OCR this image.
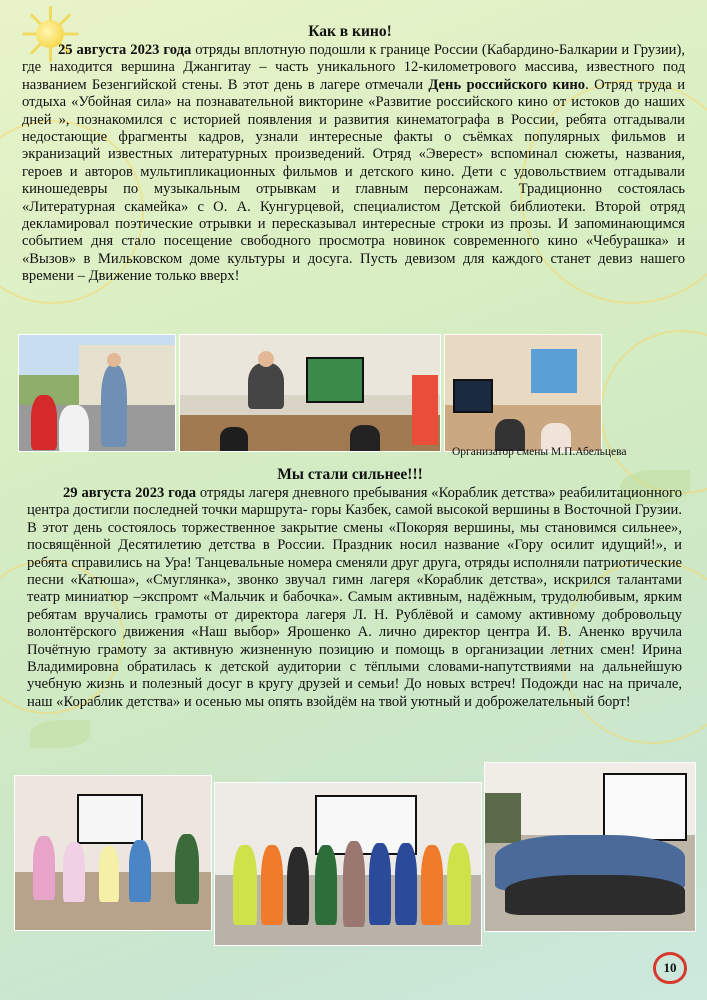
Как в кино!

25 августа 2023 года отряды вплотную подошли к границе России (Кабардино-Балкарии и Грузии), где находится вершина Джангитау – часть уникального 12-километрового массива, известного под названием Безенгийской стены. В этот день в лагере отмечали День российского кино. Отряд труда и отдыха «Убойная сила» на познавательной викторине «Развитие российского кино от истоков до наших дней », познакомился с историей появления и развития кинематографа в России, ребята отгадывали недостающие фрагменты кадров, узнали интересные факты о съёмках популярных фильмов и экранизаций известных литературных произведений. Отряд «Эверест» вспоминал сюжеты, названия, героев и авторов мультипликационных фильмов и детского кино. Дети с удовольствием отгадывали киношедевры по музыкальным отрывкам и главным персонажам. Традиционно состоялась «Литературная скамейка» с О. А. Кунгурцевой, специалистом Детской библиотеки. Второй отряд декламировал поэтические отрывки и пересказывал интересные строки из прозы. И запоминающимся событием дня стало посещение свободного просмотра новинок современного кино «Чебурашка» и «Вызов» в Мильковском доме культуры и досуга. Пусть девизом для каждого станет девиз нашего времени – Движение только вверх!

Организатор смены М.П.Абельцева
Мы стали сильнее!!!

29 августа 2023 года отряды лагеря дневного пребывания «Кораблик детства» реабилитационного центра достигли последней точки маршрута- горы Казбек, самой высокой вершины в Восточной Грузии. В этот день состоялось торжественное закрытие смены «Покоряя вершины, мы становимся сильнее», посвящённой Десятилетию детства в России. Праздник носил название «Гору осилит идущий!», и ребята справились на Ура! Танцевальные номера сменяли друг друга, отряды исполняли патриотические песни «Катюша», «Смуглянка», звонко звучал гимн лагеря «Кораблик детства», искрился талантами театр миниатюр –экспромт «Мальчик и бабочка». Самым активным, надёжным, трудолюбивым, ярким ребятам вручались грамоты от директора лагеря Л. Н. Рублёвой и самому активному добровольцу волонтёрского движения «Наш выбор» Ярошенко А. лично директор центра И. В. Аненко вручила Почётную грамоту за активную жизненную позицию и помощь в организации летних смен! Ирина Владимировна обратилась к детской аудитории с тёплыми словами-напутствиями на дальнейшую учебную жизнь и полезный досуг в кругу друзей и семьи! До новых встреч! Подожди нас на причале, наш «Кораблик детства» и осенью мы опять взойдём на твой уютный и доброжелательный борт!

10
